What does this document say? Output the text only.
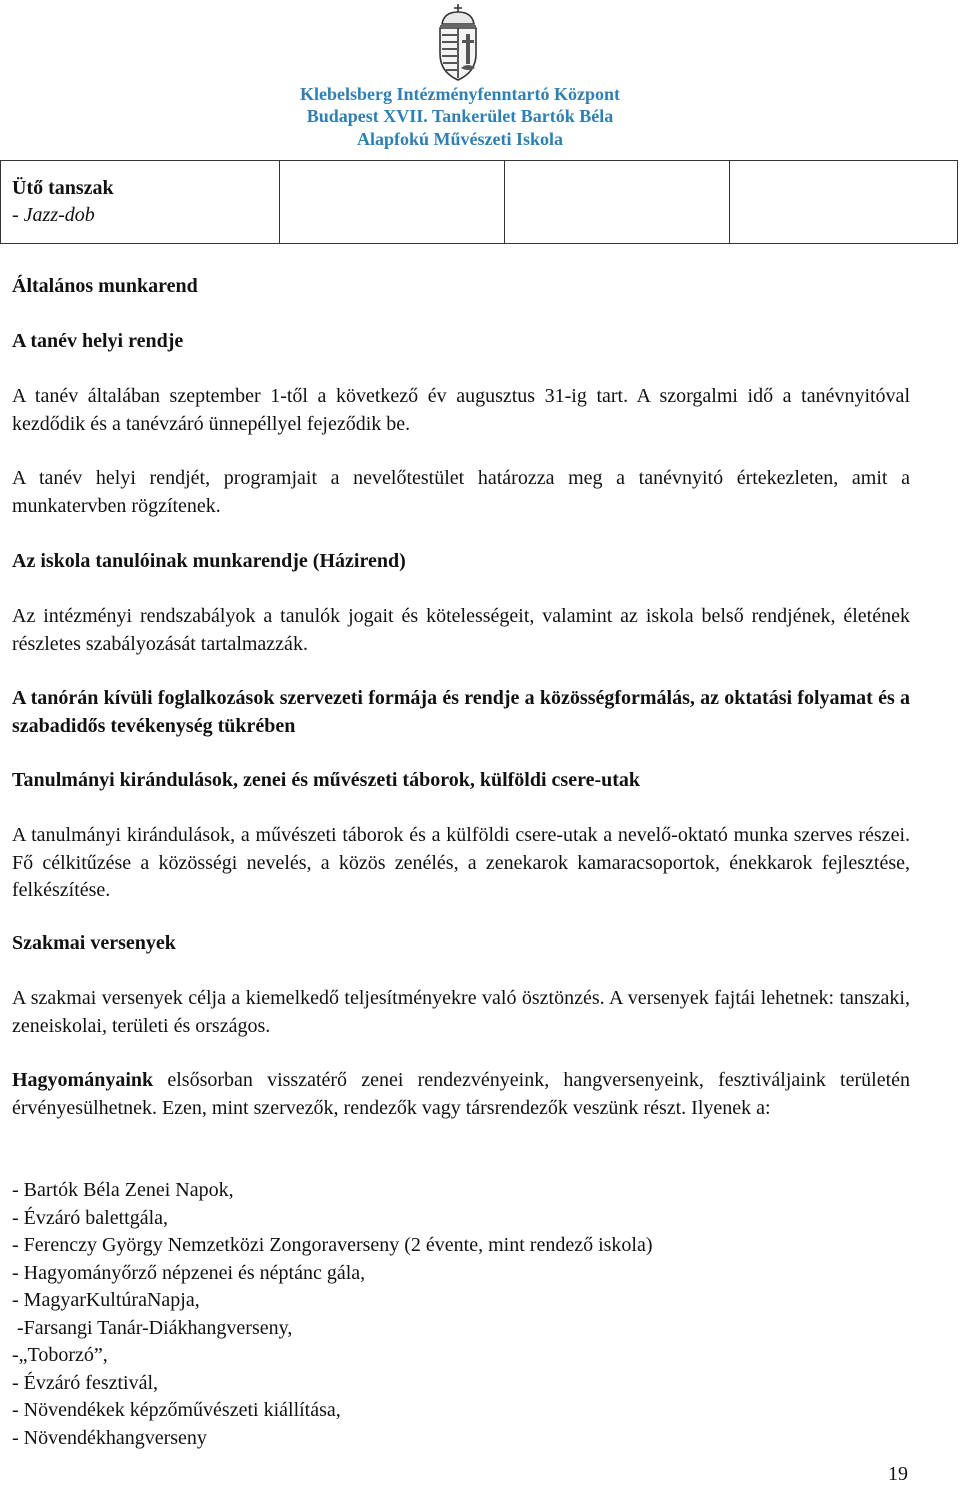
Klebelsberg Intézményfenntartó Központ
Budapest XVII. Tankerület Bartók Béla
Alapfokú Művészeti Iskola
Ütő tanszak
- Jazz-dob

Általános munkarend

A tanév helyi rendje

A tanév általában szeptember 1-től a következő év augusztus 31-ig tart. A szorgalmi idő a tanévnyitóval kezdődik és a tanévzáró ünnepéllyel fejeződik be.

A tanév helyi rendjét, programjait a nevelőtestület határozza meg a tanévnyitó értekezleten, amit a munkatervben rögzítenek.

Az iskola tanulóinak munkarendje (Házirend)

Az intézményi rendszabályok a tanulók jogait és kötelességeit, valamint az iskola belső rendjének, életének részletes szabályozását tartalmazzák.

A tanórán kívüli foglalkozások szervezeti formája és rendje a közösségformálás, az oktatási folyamat és a szabadidős tevékenység tükrében

Tanulmányi kirándulások, zenei és művészeti táborok, külföldi csere-utak

A tanulmányi kirándulások, a művészeti táborok és a külföldi csere-utak a nevelő-oktató munka szerves részei. Fő célkitűzése a közösségi nevelés, a közös zenélés, a zenekarok kamaracsoportok, énekkarok fejlesztése, felkészítése.

Szakmai versenyek

A szakmai versenyek célja a kiemelkedő teljesítményekre való ösztönzés. A versenyek fajtái lehetnek: tanszaki, zeneiskolai, területi és országos.

Hagyományaink elsősorban visszatérő zenei rendezvényeink, hangversenyeink, fesztiváljaink területén érvényesülhetnek. Ezen, mint szervezők, rendezők vagy társrendezők veszünk részt. Ilyenek a:

- Bartók Béla Zenei Napok,

- Évzáró balettgála,

- Ferenczy György Nemzetközi Zongoraverseny (2 évente, mint rendező iskola)

- Hagyományőrző népzenei és néptánc gála,

- MagyarKultúraNapja,

-Farsangi Tanár-Diákhangverseny,

-„Toborzó”,

- Évzáró fesztivál,

- Növendékek képzőművészeti kiállítása,

- Növendékhangverseny

19
